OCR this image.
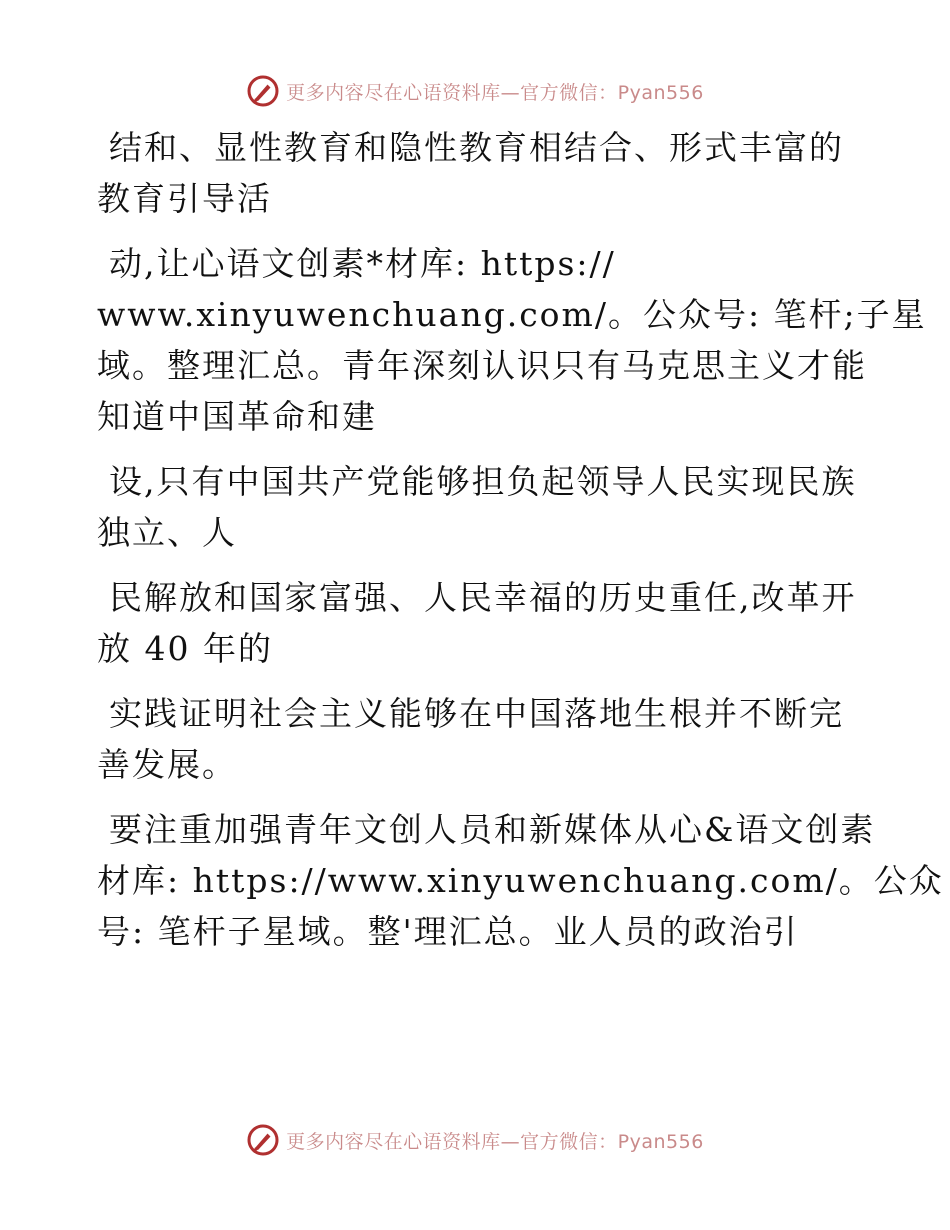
更多内容尽在心语资料库—官方微信：Pyan556
结和、显性教育和隐性教育相结合、形式丰富的
教育引导活
动,让心语文创素*材库: https://
www.xinyuwenchuang.com/。公众号: 笔杆;子星
域。整理汇总。青年深刻认识只有马克思主义才能
知道中国革命和建
设,只有中国共产党能够担负起领导人民实现民族
独立、人
民解放和国家富强、人民幸福的历史重任,改革开
放 40 年的
实践证明社会主义能够在中国落地生根并不断完
善发展。
要注重加强青年文创人员和新媒体从心&语文创素
材库: https://www.xinyuwenchuang.com/。公众
号: 笔杆子星域。整'理汇总。业人员的政治引
更多内容尽在心语资料库—官方微信：Pyan556
